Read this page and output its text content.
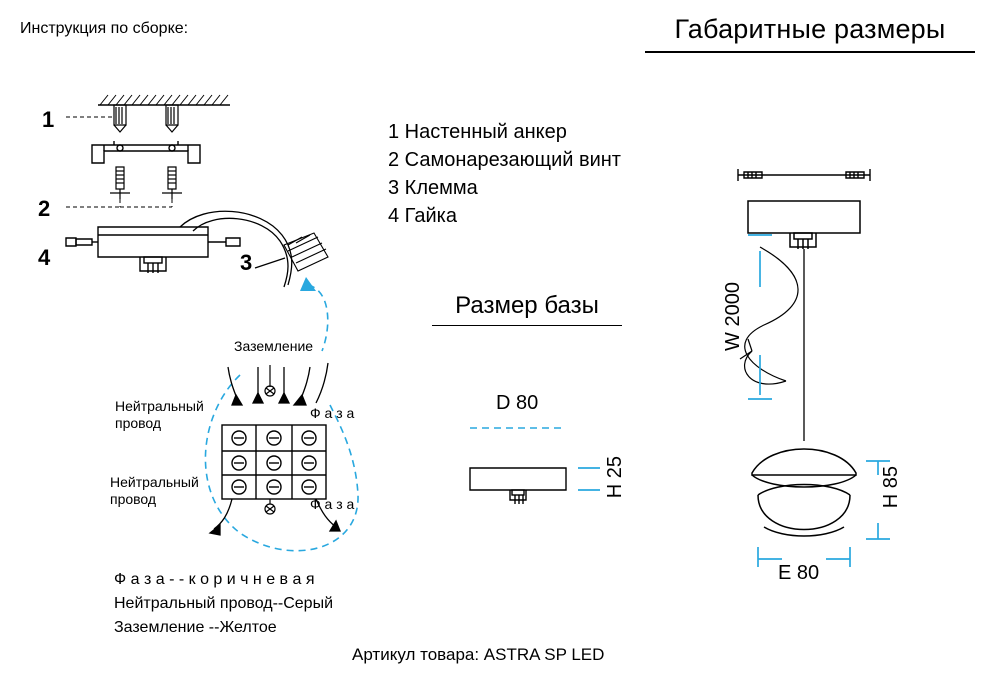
Инструкция по сборке:	Габаритные размеры
1 Настенный анкер
2 Самонарезающий винт
3 Клемма
4 Гайка
Размер базы
1
2
3
4
Заземление
Нейтральный
провод
Ф а з а
Нейтральный
провод	Ф а з а
Ф а з а - - к о р и ч н е в а я
Нейтральный провод--Серый
Заземление --Желтое
D 80
H 25
W 2000
H 85
E 80
Артикул товара: ASTRA SP LED
